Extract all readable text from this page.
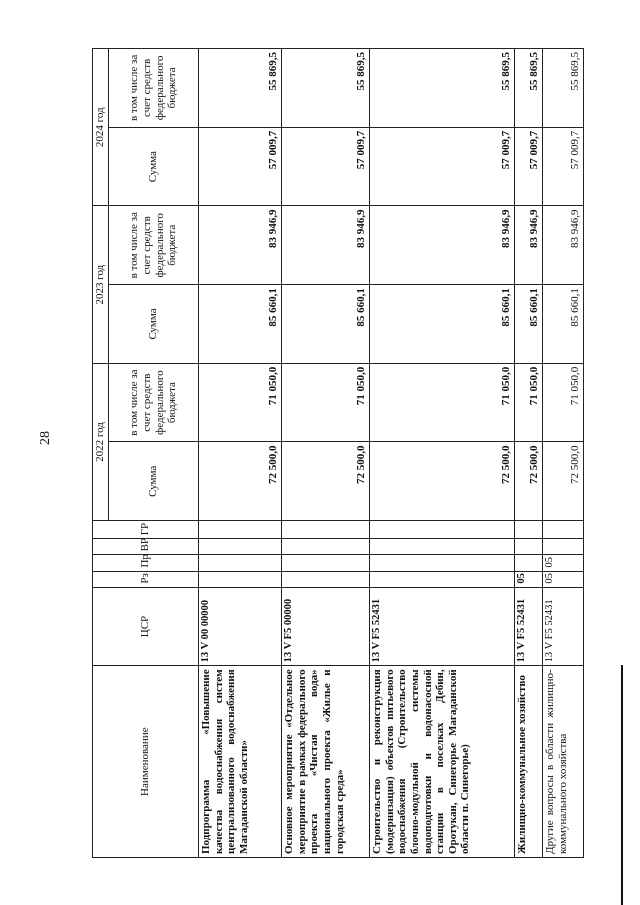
28
Наименование	ЦСР	Рз	Пр	ВР	ГР	2022 год		2023 год		2024 год	
						Сумма	в том числе за счет средств федерального бюджета	Сумма	в том числе за счет средств федерального бюджета	Сумма	в том числе за счет средств федерального бюджета
Подпрограмма «Повышение качества водоснабжения систем централизованного водоснабжения Магаданской области»	13 V 00 00000					72 500,0	71 050,0	85 660,1	83 946,9	57 009,7	55 869,5
Основное мероприятие «Отдельное мероприятие в рамках федерального проекта «Чистая вода» национального проекта «Жилье и городская среда»	13 V F5 00000					72 500,0	71 050,0	85 660,1	83 946,9	57 009,7	55 869,5
Строительство и реконструкция (модернизация) объектов питьевого водоснабжения (Строительство блочно-модульной системы водоподготовки и водонасосной станции в поселках Дебин, Оротукан, Синегорье Магаданской области п. Синегорье)	13 V F5 52431					72 500,0	71 050,0	85 660,1	83 946,9	57 009,7	55 869,5
Жилищно-коммунальное хозяйство	13 V F5 52431	05				72 500,0	71 050,0	85 660,1	83 946,9	57 009,7	55 869,5
Другие вопросы в области жилищно-коммунального хозяйства	13 V F5 52431	05	05			72 500,0	71 050,0	85 660,1	83 946,9	57 009,7	55 869,5
